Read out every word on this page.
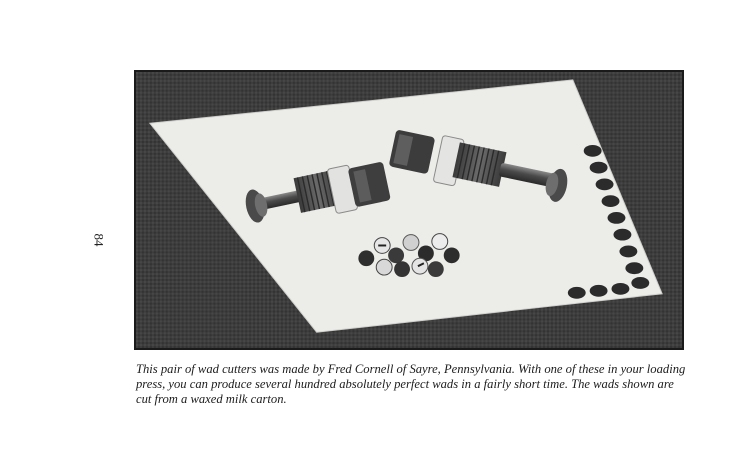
84

This pair of wad cutters was made by Fred Cornell of Sayre, Pennsylvania. With one of these in your loading press, you can produce several hundred absolutely perfect wads in a fairly short time. The wads shown are cut from a waxed milk carton.
